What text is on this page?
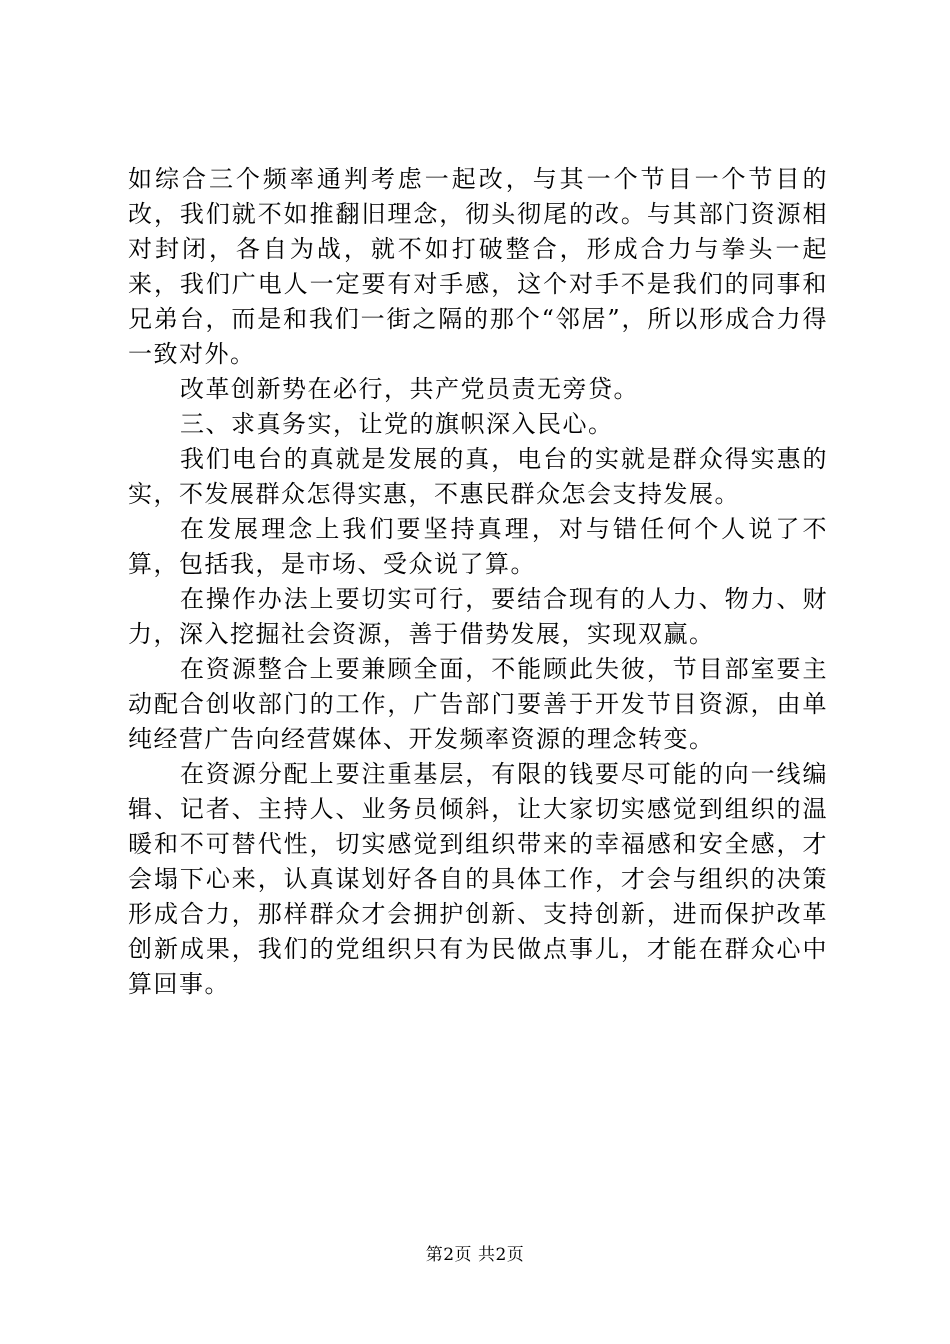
如综合三个频率通判考虑一起改，与其一个节目一个节目的改，我们就不如推翻旧理念，彻头彻尾的改。与其部门资源相对封闭，各自为战，就不如打破整合，形成合力与拳头一起来，我们广电人一定要有对手感，这个对手不是我们的同事和兄弟台，而是和我们一街之隔的那个“邻居”，所以形成合力得一致对外。

改革创新势在必行，共产党员责无旁贷。

三、求真务实，让党的旗帜深入民心。

我们电台的真就是发展的真，电台的实就是群众得实惠的实，不发展群众怎得实惠，不惠民群众怎会支持发展。

在发展理念上我们要坚持真理，对与错任何个人说了不算，包括我，是市场、受众说了算。

在操作办法上要切实可行，要结合现有的人力、物力、财力，深入挖掘社会资源，善于借势发展，实现双赢。

在资源整合上要兼顾全面，不能顾此失彼，节目部室要主动配合创收部门的工作，广告部门要善于开发节目资源，由单纯经营广告向经营媒体、开发频率资源的理念转变。

在资源分配上要注重基层，有限的钱要尽可能的向一线编辑、记者、主持人、业务员倾斜，让大家切实感觉到组织的温暖和不可替代性，切实感觉到组织带来的幸福感和安全感，才会塌下心来，认真谋划好各自的具体工作，才会与组织的决策形成合力，那样群众才会拥护创新、支持创新，进而保护改革创新成果，我们的党组织只有为民做点事儿，才能在群众心中算回事。

第2页 共2页
